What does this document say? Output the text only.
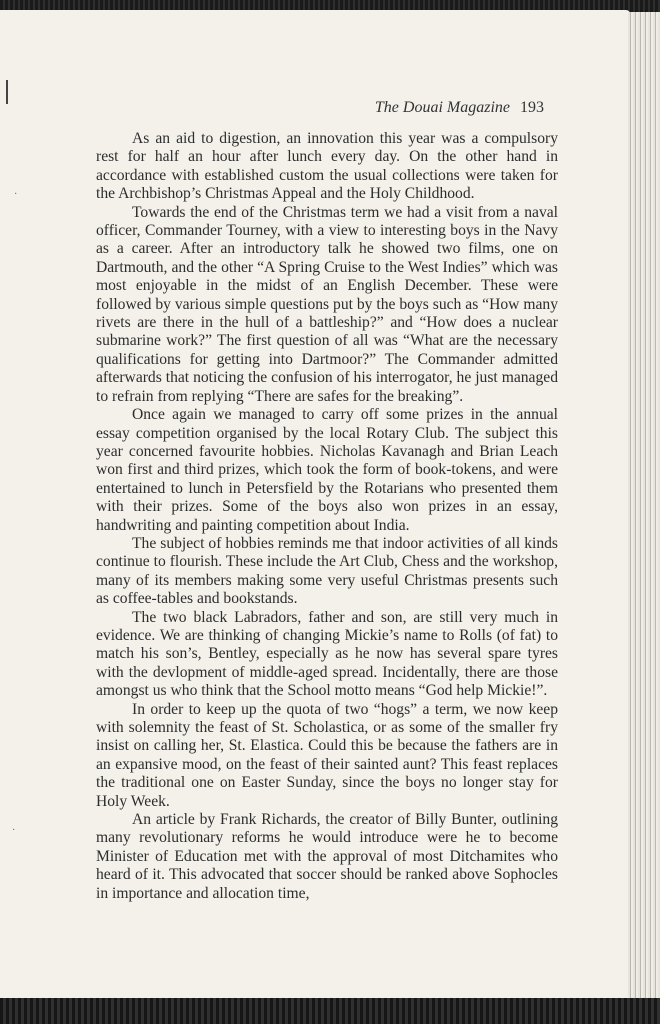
·
·
The Douai Magazine 193

As an aid to digestion, an innovation this year was a compulsory rest for half an hour after lunch every day. On the other hand in accordance with established custom the usual collections were taken for the Archbishop’s Christmas Appeal and the Holy Childhood.

Towards the end of the Christmas term we had a visit from a naval officer, Commander Tourney, with a view to interesting boys in the Navy as a career. After an introductory talk he showed two films, one on Dartmouth, and the other “A Spring Cruise to the West Indies” which was most enjoyable in the midst of an English December. These were followed by various simple questions put by the boys such as “How many rivets are there in the hull of a battleship?” and “How does a nuclear submarine work?” The first question of all was “What are the necessary qualifications for getting into Dartmoor?” The Commander admitted afterwards that noticing the confusion of his interrogator, he just managed to refrain from replying “There are safes for the breaking”.

Once again we managed to carry off some prizes in the annual essay competition organised by the local Rotary Club. The subject this year concerned favourite hobbies. Nicholas Kavanagh and Brian Leach won first and third prizes, which took the form of book-tokens, and were entertained to lunch in Petersfield by the Rotarians who presented them with their prizes. Some of the boys also won prizes in an essay, handwriting and painting competition about India.

The subject of hobbies reminds me that indoor activities of all kinds continue to flourish. These include the Art Club, Chess and the workshop, many of its members making some very useful Christmas presents such as coffee-tables and bookstands.

The two black Labradors, father and son, are still very much in evidence. We are thinking of changing Mickie’s name to Rolls (of fat) to match his son’s, Bentley, especially as he now has several spare tyres with the devlopment of middle-aged spread. Incidentally, there are those amongst us who think that the School motto means “God help Mickie!”.

In order to keep up the quota of two “hogs” a term, we now keep with solemnity the feast of St. Scholastica, or as some of the smaller fry insist on calling her, St. Elastica. Could this be because the fathers are in an expansive mood, on the feast of their sainted aunt? This feast replaces the traditional one on Easter Sunday, since the boys no longer stay for Holy Week.

An article by Frank Richards, the creator of Billy Bunter, outlining many revolutionary reforms he would introduce were he to become Minister of Education met with the approval of most Ditchamites who heard of it. This advocated that soccer should be ranked above Sophocles in importance and allocation time,
